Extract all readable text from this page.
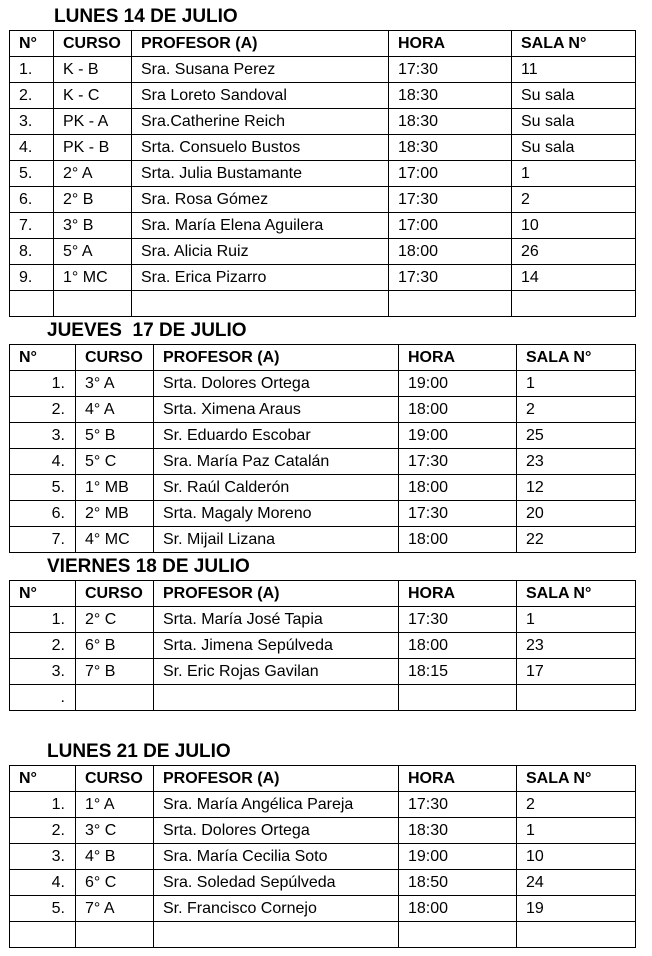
LUNES 14 DE JULIO
N°	CURSO	PROFESOR (A)	HORA	SALA N°
1.	K - B	Sra. Susana Perez	17:30	11
2.	K - C	Sra Loreto Sandoval	18:30	Su sala
3.	PK - A	Sra.Catherine Reich	18:30	Su sala
4.	PK - B	Srta. Consuelo Bustos	18:30	Su sala
5.	2° A	Srta. Julia Bustamante	17:00	1
6.	2° B	Sra. Rosa Gómez	17:30	2
7.	3° B	Sra. María Elena Aguilera	17:00	10
8.	5° A	Sra. Alicia Ruiz	18:00	26
9.	1° MC	Sra. Erica Pizarro	17:30	14

JUEVES  17 DE JULIO
N°	CURSO	PROFESOR (A)	HORA	SALA N°
1.	3° A	Srta. Dolores Ortega	19:00	1
2.	4° A	Srta. Ximena Araus	18:00	2
3.	5° B	Sr. Eduardo Escobar	19:00	25
4.	5° C	Sra. María Paz Catalán	17:30	23
5.	1° MB	Sr. Raúl Calderón	18:00	12
6.	2° MB	Srta. Magaly Moreno	17:30	20
7.	4° MC	Sr. Mijail Lizana	18:00	22
VIERNES 18 DE JULIO
N°	CURSO	PROFESOR (A)	HORA	SALA N°
1.	2° C	Srta. María José Tapia	17:30	1
2.	6° B	Srta. Jimena Sepúlveda	18:00	23
3.	7° B	Sr. Eric Rojas Gavilan	18:15	17
.				
LUNES 21 DE JULIO
N°	CURSO	PROFESOR (A)	HORA	SALA N°
1.	1° A	Sra. María Angélica Pareja	17:30	2
2.	3° C	Srta. Dolores Ortega	18:30	1
3.	4° B	Sra. María Cecilia Soto	19:00	10
4.	6° C	Sra. Soledad Sepúlveda	18:50	24
5.	7° A	Sr. Francisco Cornejo	18:00	19
